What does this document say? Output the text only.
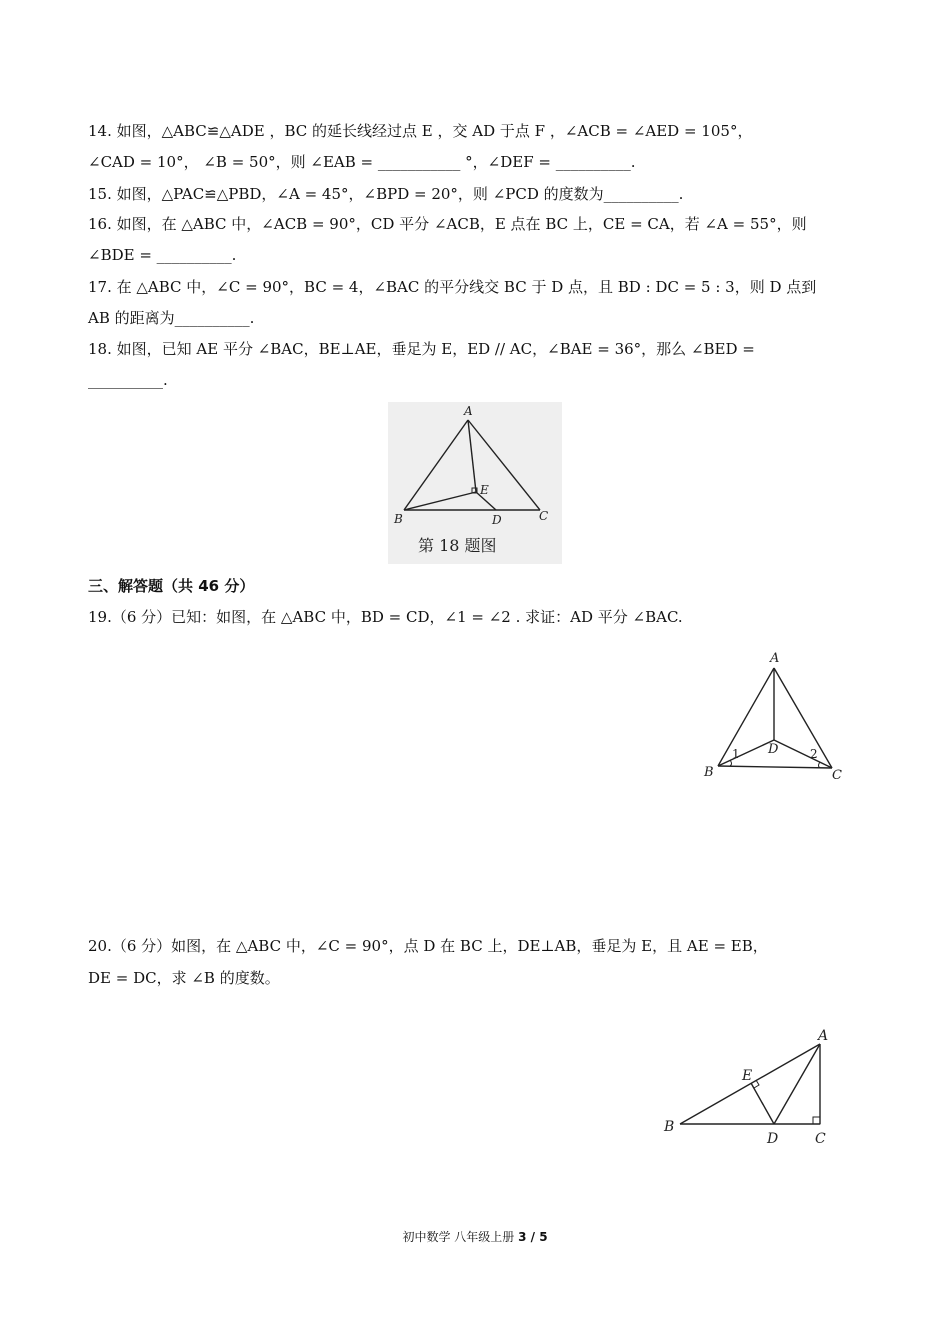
14. 如图，△ABC≌△ADE ，BC 的延长线经过点 E ，交 AD 于点 F ，∠ACB = ∠AED = 105°，
∠CAD = 10°， ∠B = 50°，则 ∠EAB = ___________ °，∠DEF = __________.
15. 如图，△PAC≌△PBD，∠A = 45°，∠BPD = 20°，则 ∠PCD 的度数为__________.
16. 如图，在 △ABC 中，∠ACB = 90°，CD 平分 ∠ACB，E 点在 BC 上，CE = CA，若 ∠A = 55°，则
∠BDE = __________.
17. 在 △ABC 中，∠C = 90°，BC = 4，∠BAC 的平分线交 BC 于 D 点，且 BD : DC = 5 : 3，则 D 点到
AB 的距离为__________.
18. 如图，已知 AE 平分 ∠BAC，BE⊥AE，垂足为 E，ED // AC，∠BAE = 36°，那么 ∠BED =
__________.
A
B	C
D
E
第 18 题图
三、解答题（共 46 分）
19.（6 分）已知：如图，在 △ABC 中，BD = CD，∠1 = ∠2 . 求证：AD 平分 ∠BAC.
A
B	C
D
1	2
20.（6 分）如图，在 △ABC 中，∠C = 90°，点 D 在 BC 上，DE⊥AB，垂足为 E，且 AE = EB，
DE = DC，求 ∠B 的度数。
A
B
C
D
E
初中数学 八年级上册 3 / 5
